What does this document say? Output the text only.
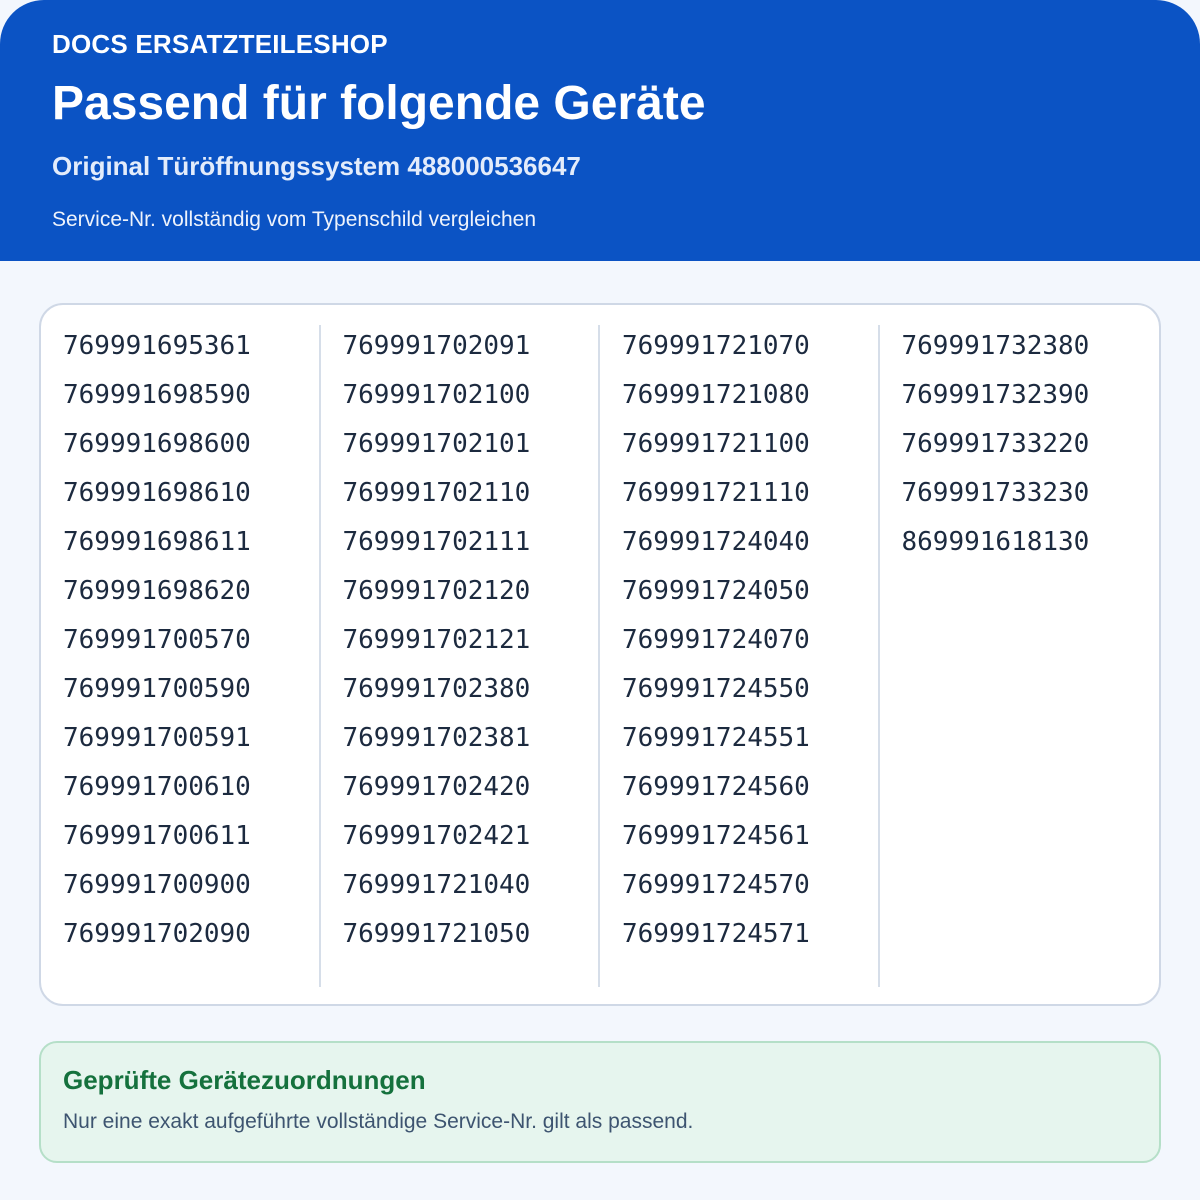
DOCS ERSATZTEILESHOP
Passend für folgende Geräte
Original Türöffnungssystem 488000536647
Service-Nr. vollständig vom Typenschild vergleichen
769991695361
769991698590
769991698600
769991698610
769991698611
769991698620
769991700570
769991700590
769991700591
769991700610
769991700611
769991700900
769991702090
769991702091
769991702100
769991702101
769991702110
769991702111
769991702120
769991702121
769991702380
769991702381
769991702420
769991702421
769991721040
769991721050
769991721070
769991721080
769991721100
769991721110
769991724040
769991724050
769991724070
769991724550
769991724551
769991724560
769991724561
769991724570
769991724571
769991732380
769991732390
769991733220
769991733230
869991618130
Geprüfte Gerätezuordnungen
Nur eine exakt aufgeführte vollständige Service-Nr. gilt als passend.
